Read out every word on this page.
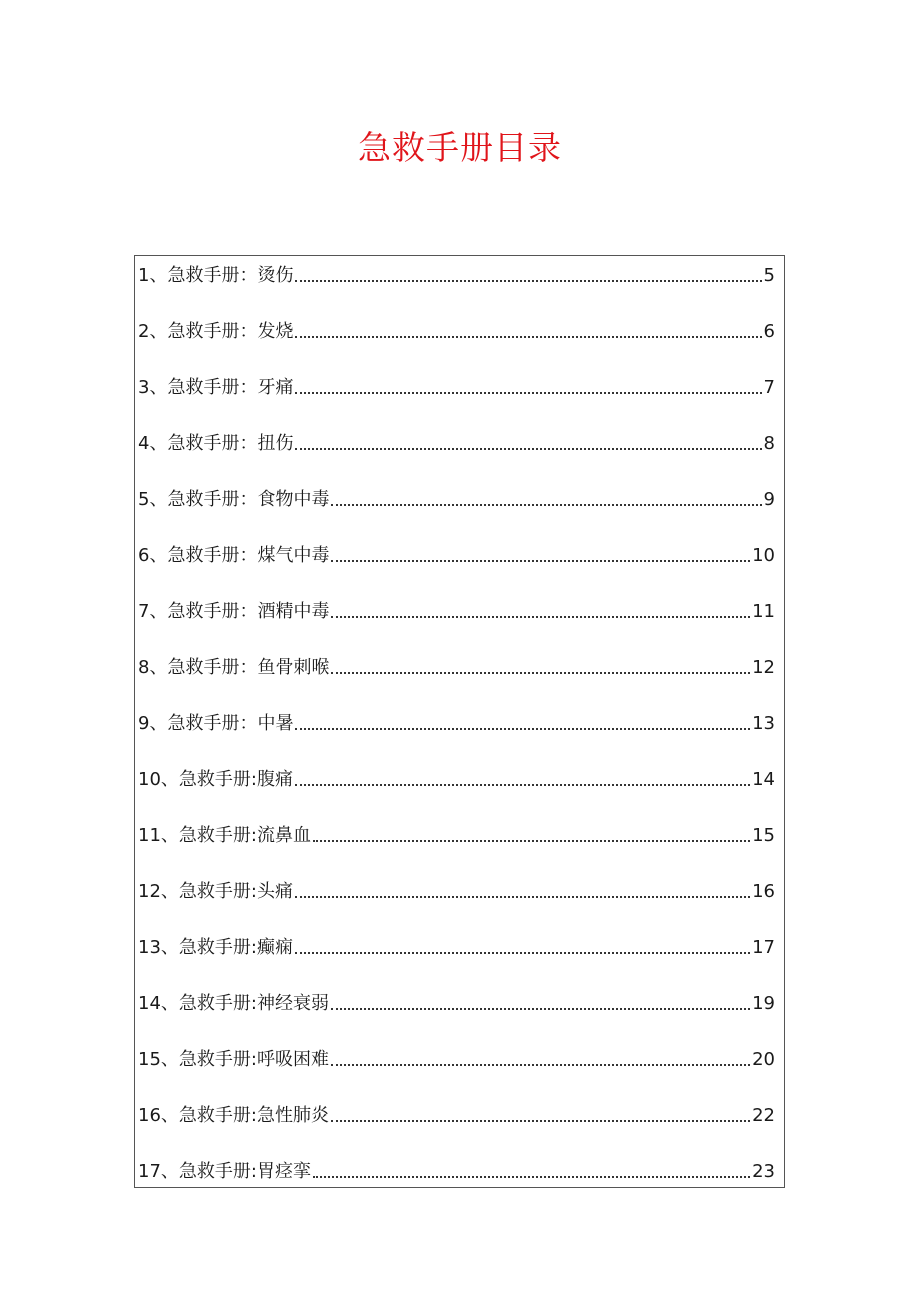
急救手册目录
1、急救手册：烫伤	5
2、急救手册：发烧	6
3、急救手册：牙痛	7
4、急救手册：扭伤	8
5、急救手册：食物中毒	9
6、急救手册：煤气中毒	10
7、急救手册：酒精中毒	11
8、急救手册：鱼骨刺喉	12
9、急救手册：中暑	13
10、急救手册:腹痛	14
11、急救手册:流鼻血	15
12、急救手册:头痛	16
13、急救手册:癫痫	17
14、急救手册:神经衰弱	19
15、急救手册:呼吸困难	20
16、急救手册:急性肺炎	22
17、急救手册:胃痉挛	23
